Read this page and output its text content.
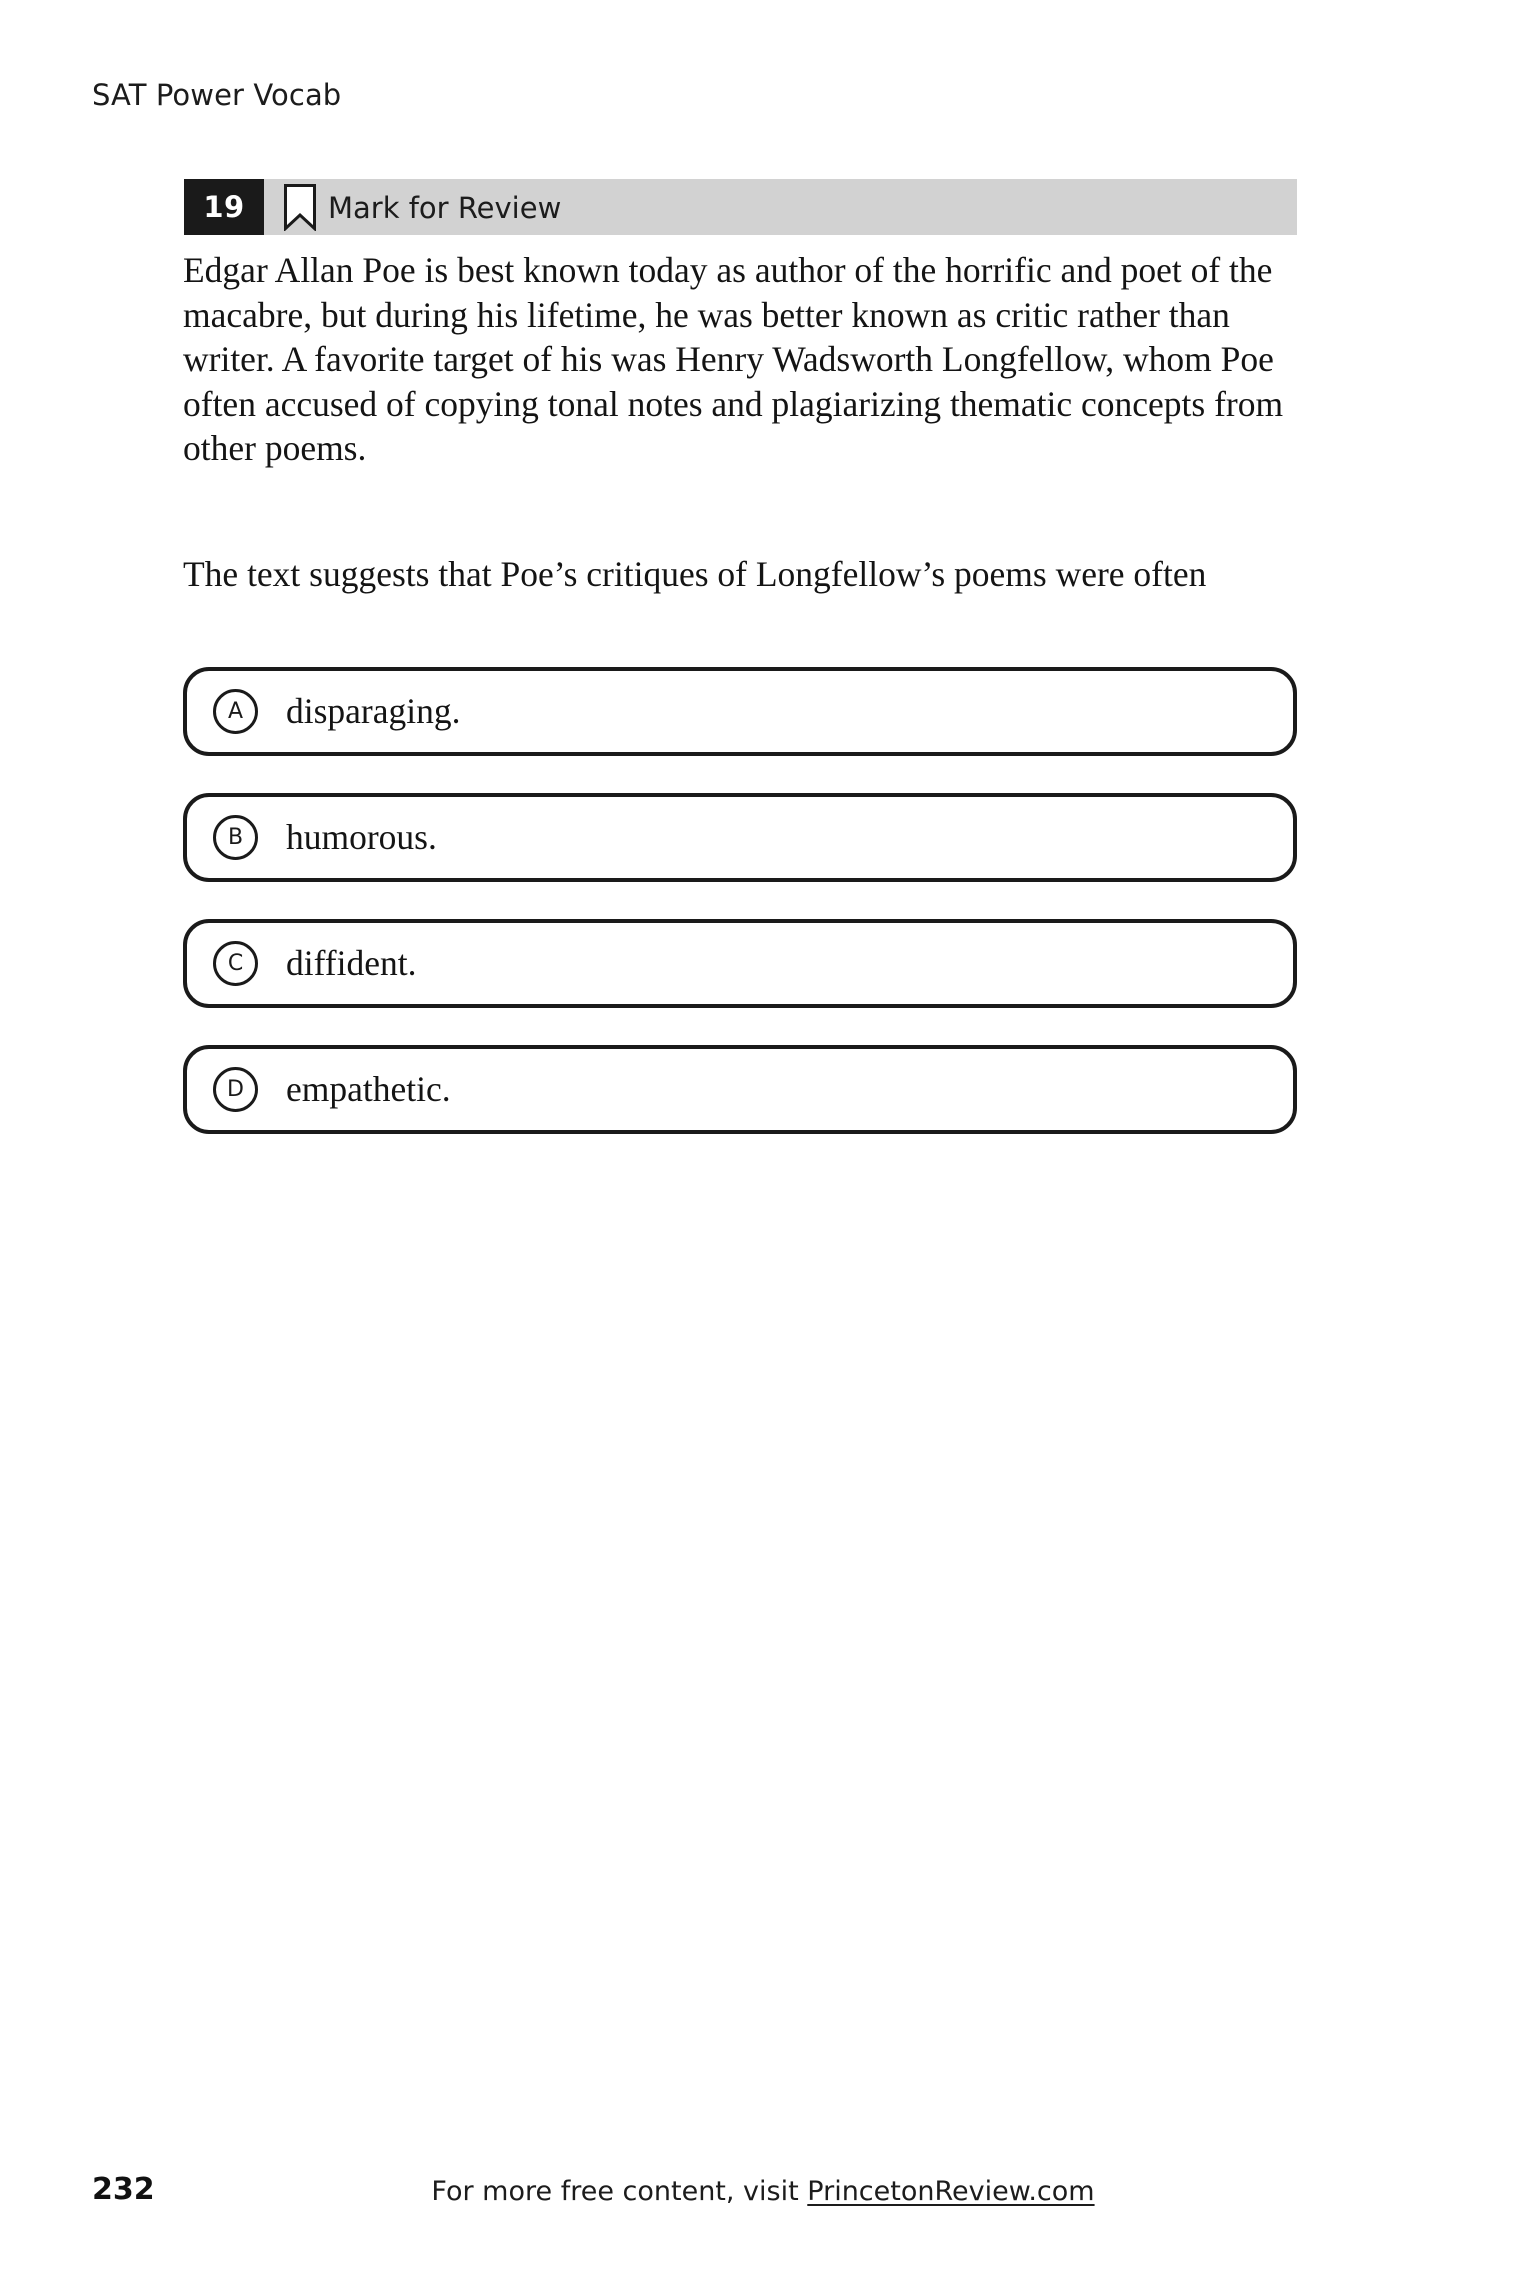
SAT Power Vocab
19	Mark for Review
Edgar Allan Poe is best known today as author of the horrific and poet of the macabre, but during his lifetime, he was better known as critic rather than writer. A favorite target of his was Henry Wadsworth Longfellow, whom Poe often accused of copying tonal notes and plagiarizing thematic concepts from other poems.
The text suggests that Poe’s critiques of Longfellow’s poems were often
A	disparaging.
B	humorous.
C	diffident.
D	empathetic.
232	For more free content, visit PrincetonReview.com
